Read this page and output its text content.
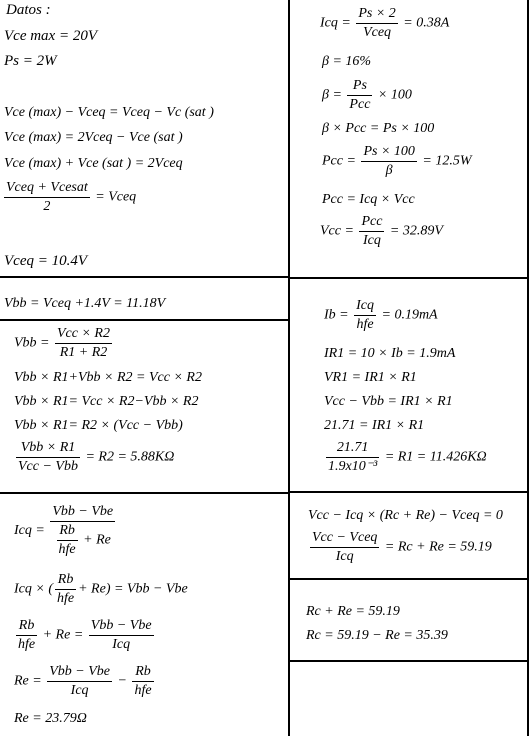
Datos :
Vce max = 20V
Ps = 2W
Vce (max) − Vceq = Vceq − Vc (sat )
Vce (max) = 2Vceq − Vce (sat )
Vce (max) + Vce (sat ) = 2Vceq
$\frac{\text{Vceq + Vcesat}}{2}$ = Vceq
Vceq = 10.4V
Vbb = Vceq +1.4V = 11.18V
Vbb = $\frac{\text{Vcc × R2}}{R1 + R2}$
Vbb × R1+Vbb × R2 = Vcc × R2
Vbb × R1= Vcc × R2−Vbb × R2
Vbb × R1= R2 × (Vcc − Vbb)
$\frac{\text{Vbb × R1}}{\text{Vcc − Vbb}} = R2 = 5.88K\Omega$
Icq = $\frac{\text{Vbb − Vbe}}{\frac{Rb}{\text{hfe}} + Re}$
Icq × ( $\frac{Rb}{\text{hfe}} + Re$) = Vbb − Vbe
$\frac{Rb}{\text{hfe}} + Re = \frac{\text{Vbb − Vbe}}{\text{Icq}}$
$Re = \frac{\text{Vbb − Vbe}}{\text{Icq}} - \frac{Rb}{\text{hfe}}$
Re = 23.79Ω
Icq = $\frac{Ps \times 2}{\text{Vceq}} = 0.38A$
β = 16%
$\beta = \frac{Ps}{\text{Pcc}} \times 100$
β × Pcc = Ps × 100
Pcc = $\frac{Ps \times 100}{\beta} = 12.5W$
Pcc = Icq × Vcc
Vcc = $\frac{\text{Pcc}}{\text{Icq}} = 32.89V$
$Ib = \frac{\text{Icq}}{\text{hfe}} = 0.19mA$
IR1 = 10 × Ib = 1.9mA
VR1 = IR1 × R1
Vcc − Vbb = IR1 × R1
21.71 = IR1 × R1
$\frac{21.71}{\text{1.9x10⁻³}} = R1 = 11.426K\Omega$
Vcc − Icq × (Rc + Re) − Vceq = 0
$\frac{\text{Vcc − Vceq}}{\text{Icq}} = Rc + Re = 59.19$
Rc + Re = 59.19
Rc = 59.19 − Re = 35.39
